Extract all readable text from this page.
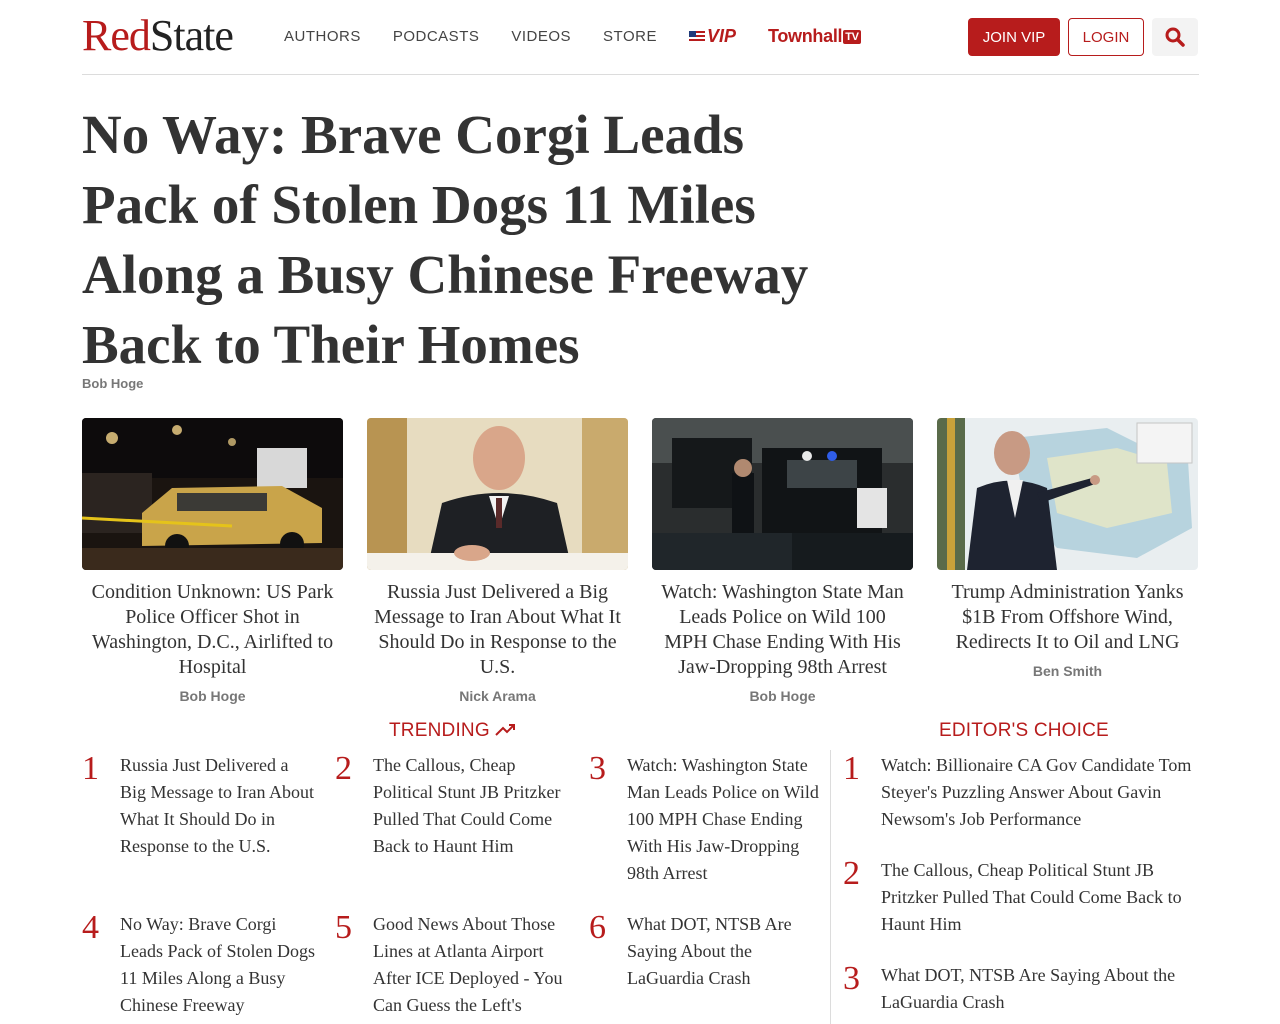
RedState	AUTHORS PODCASTS VIDEOS STORE	VIP Townhall TV	JOIN VIP	LOGIN
No Way: Brave Corgi Leads Pack of Stolen Dogs 11 Miles Along a Busy Chinese Freeway Back to Their Homes
Bob Hoge
Condition Unknown: US Park Police Officer Shot in Washington, D.C., Airlifted to Hospital
Bob Hoge
Russia Just Delivered a Big Message to Iran About What It Should Do in Response to the U.S.
Nick Arama
Watch: Washington State Man Leads Police on Wild 100 MPH Chase Ending With His Jaw-Dropping 98th Arrest
Bob Hoge
Trump Administration Yanks $1B From Offshore Wind, Redirects It to Oil and LNG
Ben Smith
TRENDING
1 Russia Just Delivered a Big Message to Iran About What It Should Do in Response to the U.S.
2 The Callous, Cheap Political Stunt JB Pritzker Pulled That Could Come Back to Haunt Him
3 Watch: Washington State Man Leads Police on Wild 100 MPH Chase Ending With His Jaw-Dropping 98th Arrest
4 No Way: Brave Corgi Leads Pack of Stolen Dogs 11 Miles Along a Busy Chinese Freeway
5 Good News About Those Lines at Atlanta Airport After ICE Deployed - You Can Guess the Left's
6 What DOT, NTSB Are Saying About the LaGuardia Crash
EDITOR'S CHOICE
1 Watch: Billionaire CA Gov Candidate Tom Steyer's Puzzling Answer About Gavin Newsom's Job Performance
2 The Callous, Cheap Political Stunt JB Pritzker Pulled That Could Come Back to Haunt Him
3 What DOT, NTSB Are Saying About the LaGuardia Crash
